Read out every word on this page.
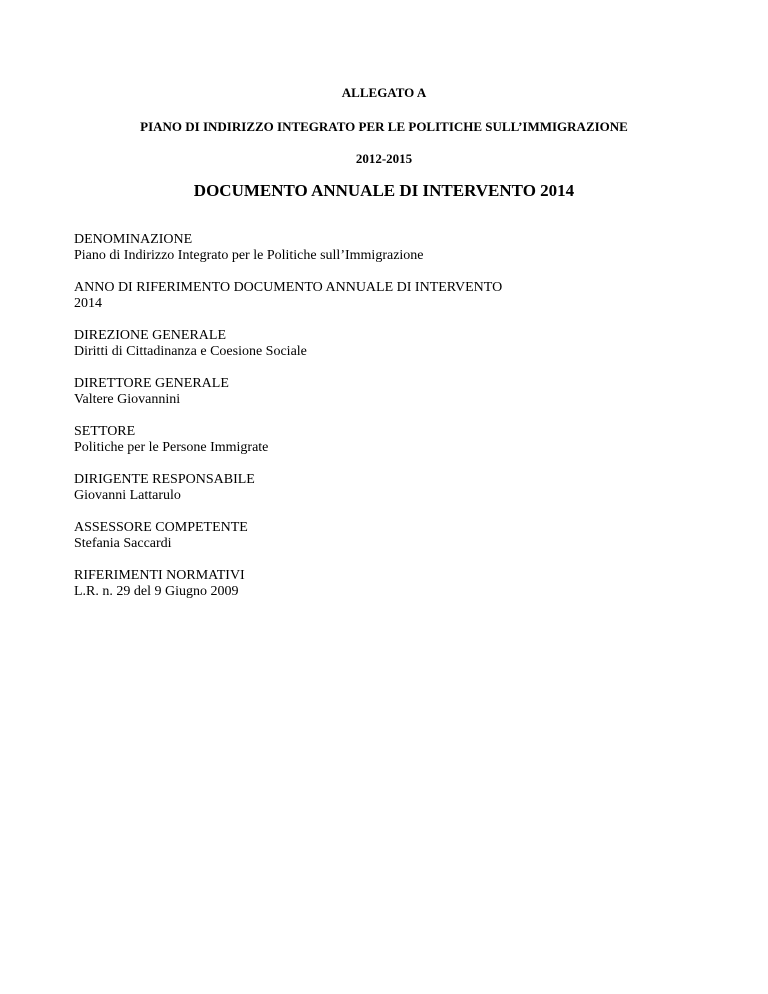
ALLEGATO A
PIANO DI INDIRIZZO INTEGRATO PER LE POLITICHE SULL’IMMIGRAZIONE
2012-2015
DOCUMENTO ANNUALE DI INTERVENTO 2014
DENOMINAZIONE
Piano di Indirizzo Integrato per le Politiche sull’Immigrazione
ANNO DI RIFERIMENTO DOCUMENTO ANNUALE DI INTERVENTO
2014
DIREZIONE GENERALE
Diritti di Cittadinanza e Coesione Sociale
DIRETTORE GENERALE
Valtere Giovannini
SETTORE
Politiche per le Persone Immigrate
DIRIGENTE RESPONSABILE
Giovanni Lattarulo
ASSESSORE COMPETENTE
Stefania Saccardi
RIFERIMENTI NORMATIVI
L.R. n. 29 del 9 Giugno 2009
